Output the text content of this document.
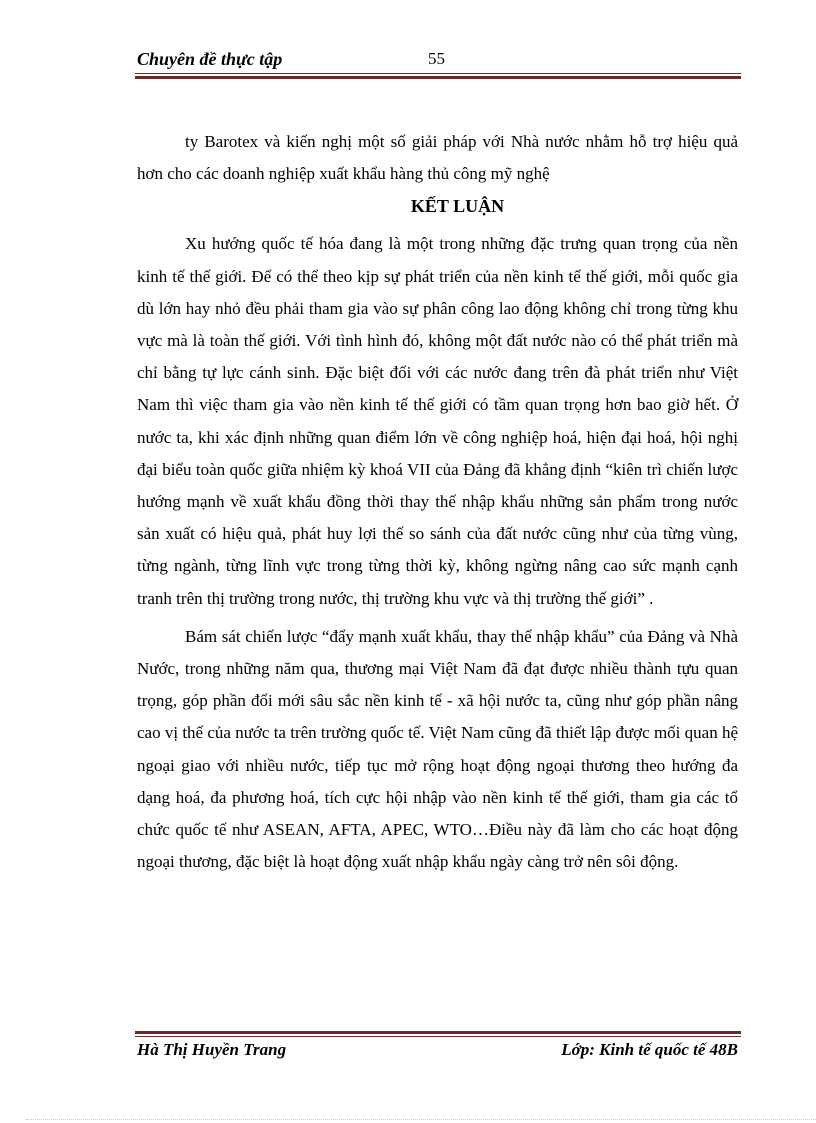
Chuyên đề thực tập	55

ty Barotex và kiến nghị một số giải pháp với Nhà nước nhằm hỗ trợ hiệu quả hơn cho các doanh nghiệp xuất khẩu hàng thủ công mỹ nghệ

KẾT LUẬN

Xu hướng quốc tế hóa đang là một trong những đặc trưng quan trọng của nền kinh tế thế giới. Để có thể theo kịp sự phát triển của nền kinh tế thế giới, mỗi quốc gia dù lớn hay nhỏ đều phải tham gia vào sự phân công lao động không chỉ trong từng khu vực mà là toàn thế giới. Với tình hình đó, không một đất nước nào có thể phát triển mà chỉ bằng tự lực cánh sinh. Đặc biệt đối với các nước đang trên đà phát triển như Việt Nam thì việc tham gia vào nền kinh tế thế giới có tầm quan trọng hơn bao giờ hết. Ở nước ta, khi xác định những quan điểm lớn về công nghiệp hoá, hiện đại hoá, hội nghị đại biểu toàn quốc giữa nhiệm kỳ khoá VII của Đảng đã khẳng định “kiên trì chiến lược hướng mạnh về xuất khẩu đồng thời thay thế nhập khẩu những sản phẩm trong nước sản xuất có hiệu quả, phát huy lợi thế so sánh của đất nước cũng như của từng vùng, từng ngành, từng lĩnh vực trong từng thời kỳ, không ngừng nâng cao sức mạnh cạnh tranh trên thị trường trong nước, thị trường khu vực và thị trường thế giới” .

Bám sát chiến lược “đẩy mạnh xuất khẩu, thay thế nhập khẩu” của Đảng và Nhà Nước, trong những năm qua, thương mại Việt Nam đã đạt được nhiều thành tựu quan trọng, góp phần đổi mới sâu sắc nền kinh tế - xã hội nước ta, cũng như góp phần nâng cao vị thế của nước ta trên trường quốc tế. Việt Nam cũng đã thiết lập được mối quan hệ ngoại giao với nhiều nước, tiếp tục mở rộng hoạt động ngoại thương theo hướng đa dạng hoá, đa phương hoá, tích cực hội nhập vào nền kinh tế thế giới, tham gia các tổ chức quốc tế như ASEAN, AFTA, APEC, WTO…Điều này đã làm cho các hoạt động ngoại thương, đặc biệt là hoạt động xuất nhập khẩu ngày càng trở nên sôi động.

Hà Thị Huyền Trang	Lớp: Kinh tế quốc tế 48B
